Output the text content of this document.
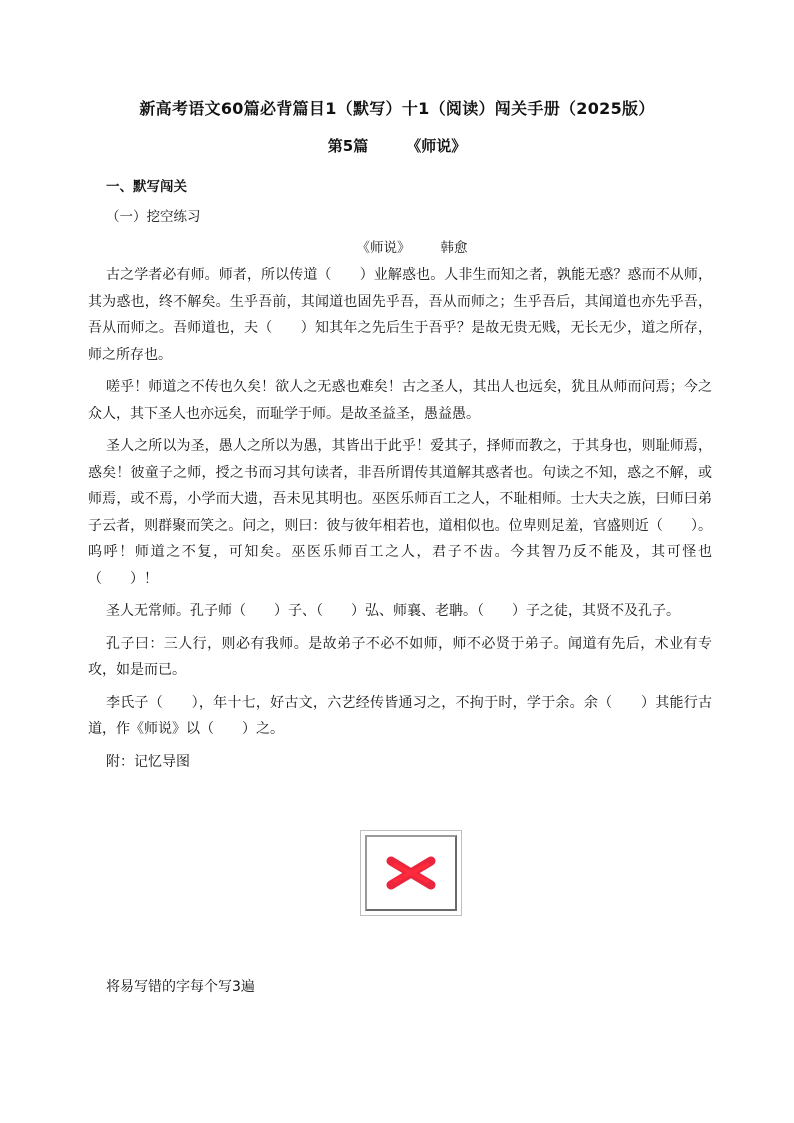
新高考语文60篇必背篇目1（默写）十1（阅读）闯关手册（2025版）
第5篇	《师说》
一、默写闯关
（一）挖空练习
《师说》 韩愈

古之学者必有师。师者，所以传道（　　）业解惑也。人非生而知之者，孰能无惑？惑而不从师，其为惑也，终不解矣。生乎吾前，其闻道也固先乎吾，吾从而师之；生乎吾后，其闻道也亦先乎吾，吾从而师之。吾师道也，夫（　　）知其年之先后生于吾乎？是故无贵无贱，无长无少，道之所存，师之所存也。

嗟乎！师道之不传也久矣！欲人之无惑也难矣！古之圣人，其出人也远矣，犹且从师而问焉；今之众人，其下圣人也亦远矣，而耻学于师。是故圣益圣，愚益愚。

圣人之所以为圣，愚人之所以为愚，其皆出于此乎！爱其子，择师而教之，于其身也，则耻师焉，惑矣！彼童子之师，授之书而习其句读者，非吾所谓传其道解其惑者也。句读之不知，惑之不解，或师焉，或不焉，小学而大遗，吾未见其明也。巫医乐师百工之人，不耻相师。士大夫之族，曰师曰弟子云者，则群聚而笑之。问之，则曰：彼与彼年相若也，道相似也。位卑则足羞，官盛则近（　　）。呜呼！师道之不复，可知矣。巫医乐师百工之人，君子不齿。今其智乃反不能及，其可怪也（　　）！

圣人无常师。孔子师（　　）子、（　　）弘、师襄、老聃。（　　）子之徒，其贤不及孔子。

孔子曰：三人行，则必有我师。是故弟子不必不如师，师不必贤于弟子。闻道有先后，术业有专攻，如是而已。

李氏子（　　），年十七，好古文，六艺经传皆通习之，不拘于时，学于余。余（　　）其能行古道，作《师说》以（　　）之。

附：记忆导图

将易写错的字每个写3遍
